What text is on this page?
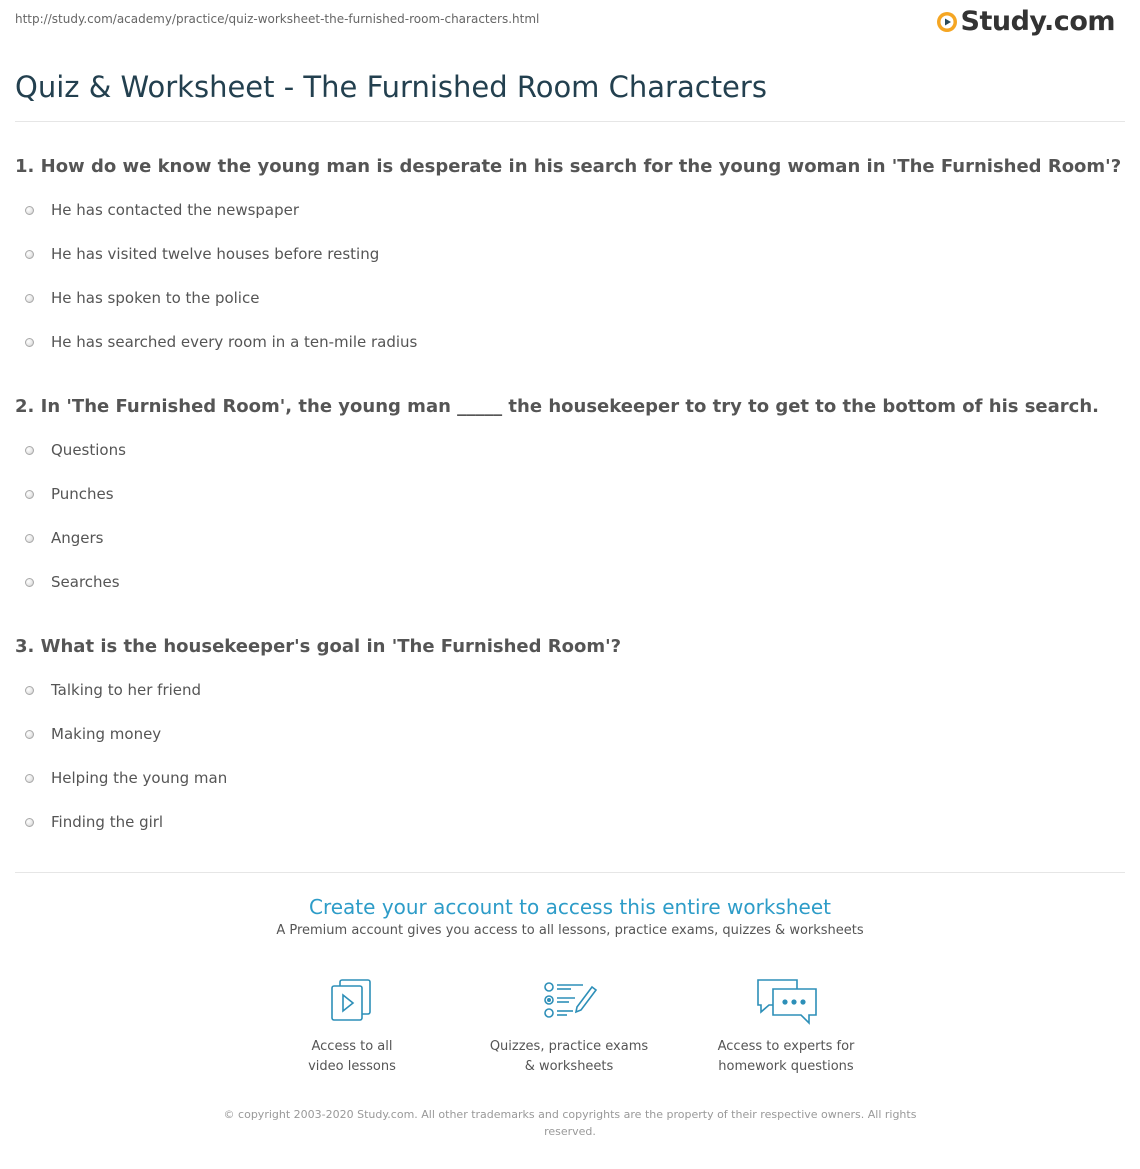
http://study.com/academy/practice/quiz-worksheet-the-furnished-room-characters.html	Study.com
Quiz & Worksheet - The Furnished Room Characters

1. How do we know the young man is desperate in his search for the young woman in 'The Furnished Room'?

He has contacted the newspaper
He has visited twelve houses before resting
He has spoken to the police
He has searched every room in a ten-mile radius

2. In 'The Furnished Room', the young man _____ the housekeeper to try to get to the bottom of his search.

Questions
Punches
Angers
Searches

3. What is the housekeeper's goal in 'The Furnished Room'?

Talking to her friend
Making money
Helping the young man
Finding the girl
Create your account to access this entire worksheet

A Premium account gives you access to all lessons, practice exams, quizzes & worksheets

Access to all
video lessons
Quizzes, practice exams
& worksheets
Access to experts for
homework questions
© copyright 2003-2020 Study.com. All other trademarks and copyrights are the property of their respective owners. All rights reserved.
